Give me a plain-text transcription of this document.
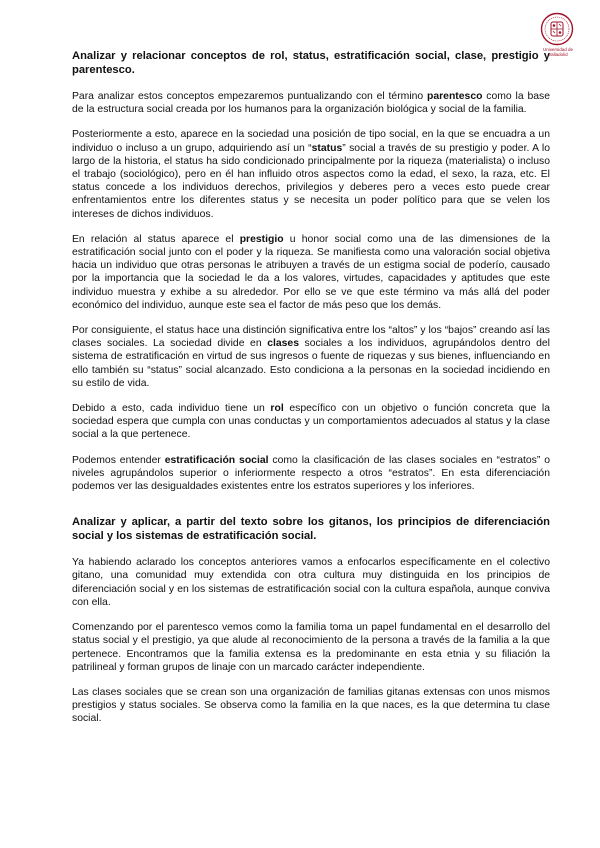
Universidad de Valladolid
Analizar y relacionar conceptos de rol, status, estratificación social, clase, prestigio y parentesco.

Para analizar estos conceptos empezaremos puntualizando con el término parentesco como la base de la estructura social creada por los humanos para la organización biológica y social de la familia.

Posteriormente a esto, aparece en la sociedad una posición de tipo social, en la que se encuadra a un individuo o incluso a un grupo, adquiriendo así un “status” social a través de su prestigio y poder. A lo largo de la historia, el status ha sido condicionado principalmente por la riqueza (materialista) o incluso el trabajo (sociológico), pero en él han influido otros aspectos como la edad, el sexo, la raza, etc. El status concede a los individuos derechos, privilegios y deberes pero a veces esto puede crear enfrentamientos entre los diferentes status y se necesita un poder político para que se velen los intereses de dichos individuos.

En relación al status aparece el prestigio u honor social como una de las dimensiones de la estratificación social junto con el poder y la riqueza. Se manifiesta como una valoración social objetiva hacia un individuo que otras personas le atribuyen a través de un estigma social de poderío, causado por la importancia que la sociedad le da a los valores, virtudes, capacidades y aptitudes que este individuo muestra y exhibe a su alrededor. Por ello se ve que este término va más allá del poder económico del individuo, aunque este sea el factor de más peso que los demás.

Por consiguiente, el status hace una distinción significativa entre los “altos” y los “bajos” creando así las clases sociales. La sociedad divide en clases sociales a los individuos, agrupándolos dentro del sistema de estratificación en virtud de sus ingresos o fuente de riquezas y sus bienes, influenciando en ello también su “status” social alcanzado. Esto condiciona a la personas en la sociedad incidiendo en su estilo de vida.

Debido a esto, cada individuo tiene un rol específico con un objetivo o función concreta que la sociedad espera que cumpla con unas conductas y un comportamientos adecuados al status y la clase social a la que pertenece.

Podemos entender estratificación social como la clasificación de las clases sociales en “estratos” o niveles agrupándolos superior o inferiormente respecto a otros “estratos”. En esta diferenciación podemos ver las desigualdades existentes entre los estratos superiores y los inferiores.

Analizar y aplicar, a partir del texto sobre los gitanos, los principios de diferenciación social y los sistemas de estratificación social.

Ya habiendo aclarado los conceptos anteriores vamos a enfocarlos específicamente en el colectivo gitano, una comunidad muy extendida con otra cultura muy distinguida en los principios de diferenciación social y en los sistemas de estratificación social con la cultura española, aunque conviva con ella.

Comenzando por el parentesco vemos como la familia toma un papel fundamental en el desarrollo del status social y el prestigio, ya que alude al reconocimiento de la persona a través de la familia a la que pertenece. Encontramos que la familia extensa es la predominante en esta etnia y su filiación la patrilineal y forman grupos de linaje con un marcado carácter independiente.

Las clases sociales que se crean son una organización de familias gitanas extensas con unos mismos prestigios y status sociales. Se observa como la familia en la que naces, es la que determina tu clase social.
